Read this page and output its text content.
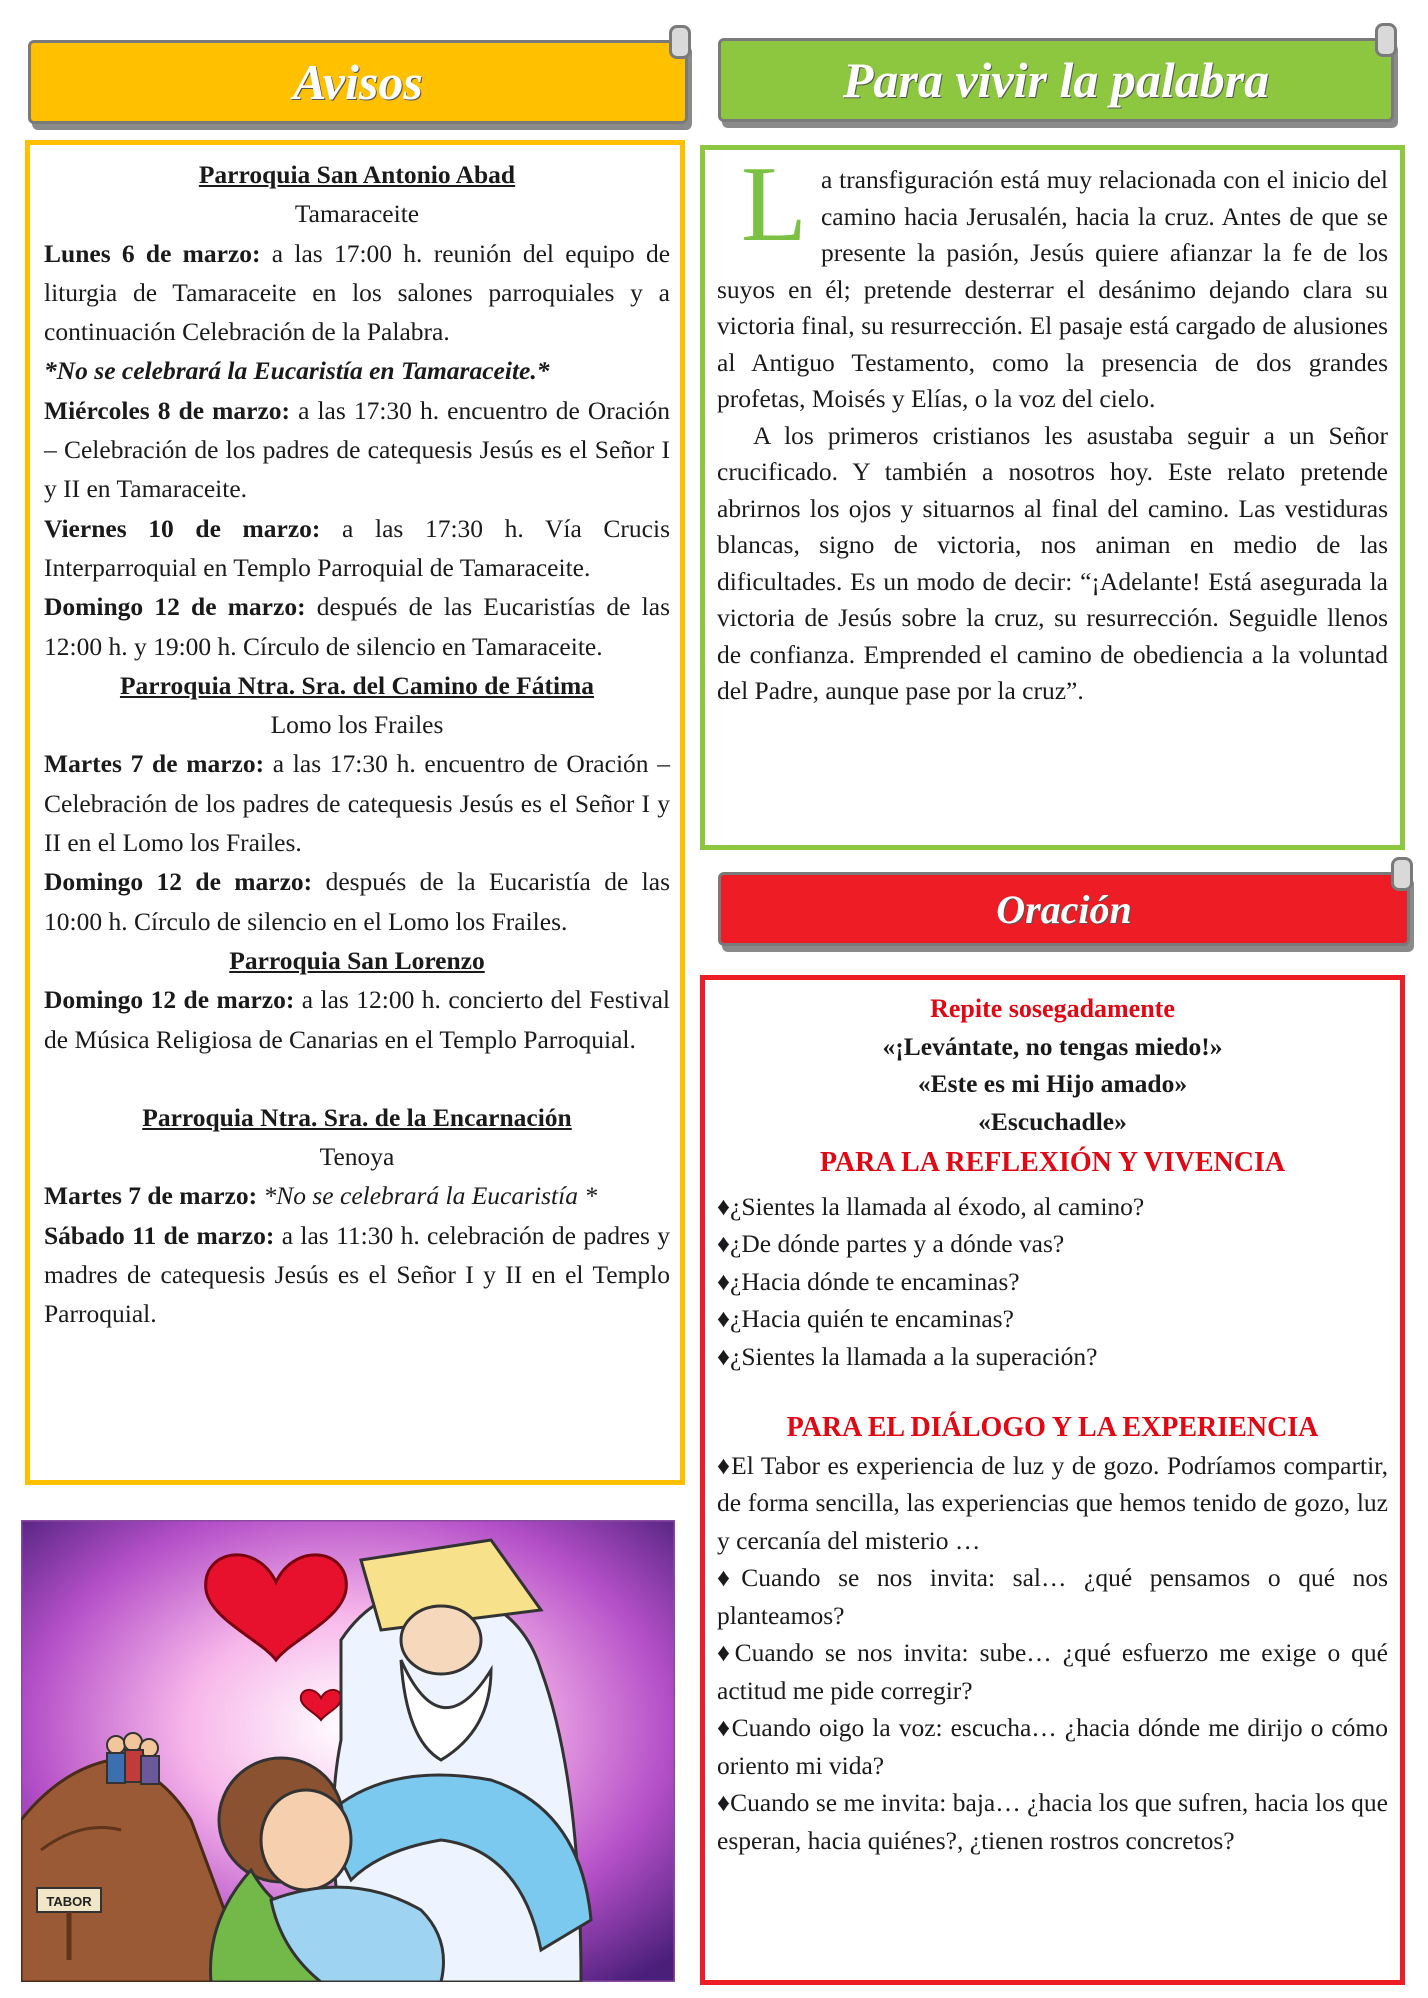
Avisos

Parroquia San Antonio Abad

Tamaraceite

Lunes 6 de marzo: a las 17:00 h. reunión del equipo de liturgia de Tamaraceite en los salones parroquiales y a continuación Celebración de la Palabra.

*No se celebrará la Eucaristía en Tamaraceite.*

Miércoles 8 de marzo: a las 17:30 h. encuentro de Oración – Celebración de los padres de catequesis Jesús es el Señor I y II en Tamaraceite.

Viernes 10 de marzo: a las 17:30 h. Vía Crucis Interparroquial en Templo Parroquial de Tamaraceite.

Domingo 12 de marzo: después de las Eucaristías de las 12:00 h. y 19:00 h. Círculo de silencio en Tamaraceite.

Parroquia Ntra. Sra. del Camino de Fátima

Lomo los Frailes

Martes 7 de marzo: a las 17:30 h. encuentro de Oración – Celebración de los padres de catequesis Jesús es el Señor I y II en el Lomo los Frailes.

Domingo 12 de marzo: después de la Eucaristía de las 10:00 h. Círculo de silencio en el Lomo los Frailes.

Parroquia San Lorenzo

Domingo 12 de marzo: a las 12:00 h. concierto del Festival de Música Religiosa de Canarias en el Templo Parroquial.

Parroquia Ntra. Sra. de la Encarnación

Tenoya

Martes 7 de marzo: *No se celebrará la Eucaristía *

Sábado 11 de marzo: a las 11:30 h. celebración de padres y madres de catequesis Jesús es el Señor I y II en el Templo Parroquial.

TABOR
Para vivir la palabra
L a transfiguración está muy relacionada con el inicio del camino hacia Jerusalén, hacia la cruz. Antes de que se presente la pasión, Jesús quiere afianzar la fe de los suyos en él; pretende desterrar el desánimo dejando clara su victoria final, su resurrección. El pasaje está cargado de alusiones al Antiguo Testamento, como la presencia de dos grandes profetas, Moisés y Elías, o la voz del cielo.

A los primeros cristianos les asustaba seguir a un Señor crucificado. Y también a nosotros hoy. Este relato pretende abrirnos los ojos y situarnos al final del camino. Las vestiduras blancas, signo de victoria, nos animan en medio de las dificultades. Es un modo de decir: “¡Adelante! Está asegurada la victoria de Jesús sobre la cruz, su resurrección. Seguidle llenos de confianza. Emprended el camino de obediencia a la voluntad del Padre, aunque pase por la cruz”.

Oración

Repite sosegadamente

«¡Levántate, no tengas miedo!»

«Este es mi Hijo amado»

«Escuchadle»

PARA LA REFLEXIÓN Y VIVENCIA

♦¿Sientes la llamada al éxodo, al camino?

♦¿De dónde partes y a dónde vas?

♦¿Hacia dónde te encaminas?

♦¿Hacia quién te encaminas?

♦¿Sientes la llamada a la superación?

PARA EL DIÁLOGO Y LA EXPERIENCIA

♦El Tabor es experiencia de luz y de gozo. Podríamos compartir, de forma sencilla, las experiencias que hemos tenido de gozo, luz y cercanía del misterio …

♦Cuando se nos invita: sal… ¿qué pensamos o qué nos planteamos?

♦Cuando se nos invita: sube… ¿qué esfuerzo me exige o qué actitud me pide corregir?

♦Cuando oigo la voz: escucha… ¿hacia dónde me dirijo o cómo oriento mi vida?

♦Cuando se me invita: baja… ¿hacia los que sufren, hacia los que esperan, hacia quiénes?, ¿tienen rostros concretos?
